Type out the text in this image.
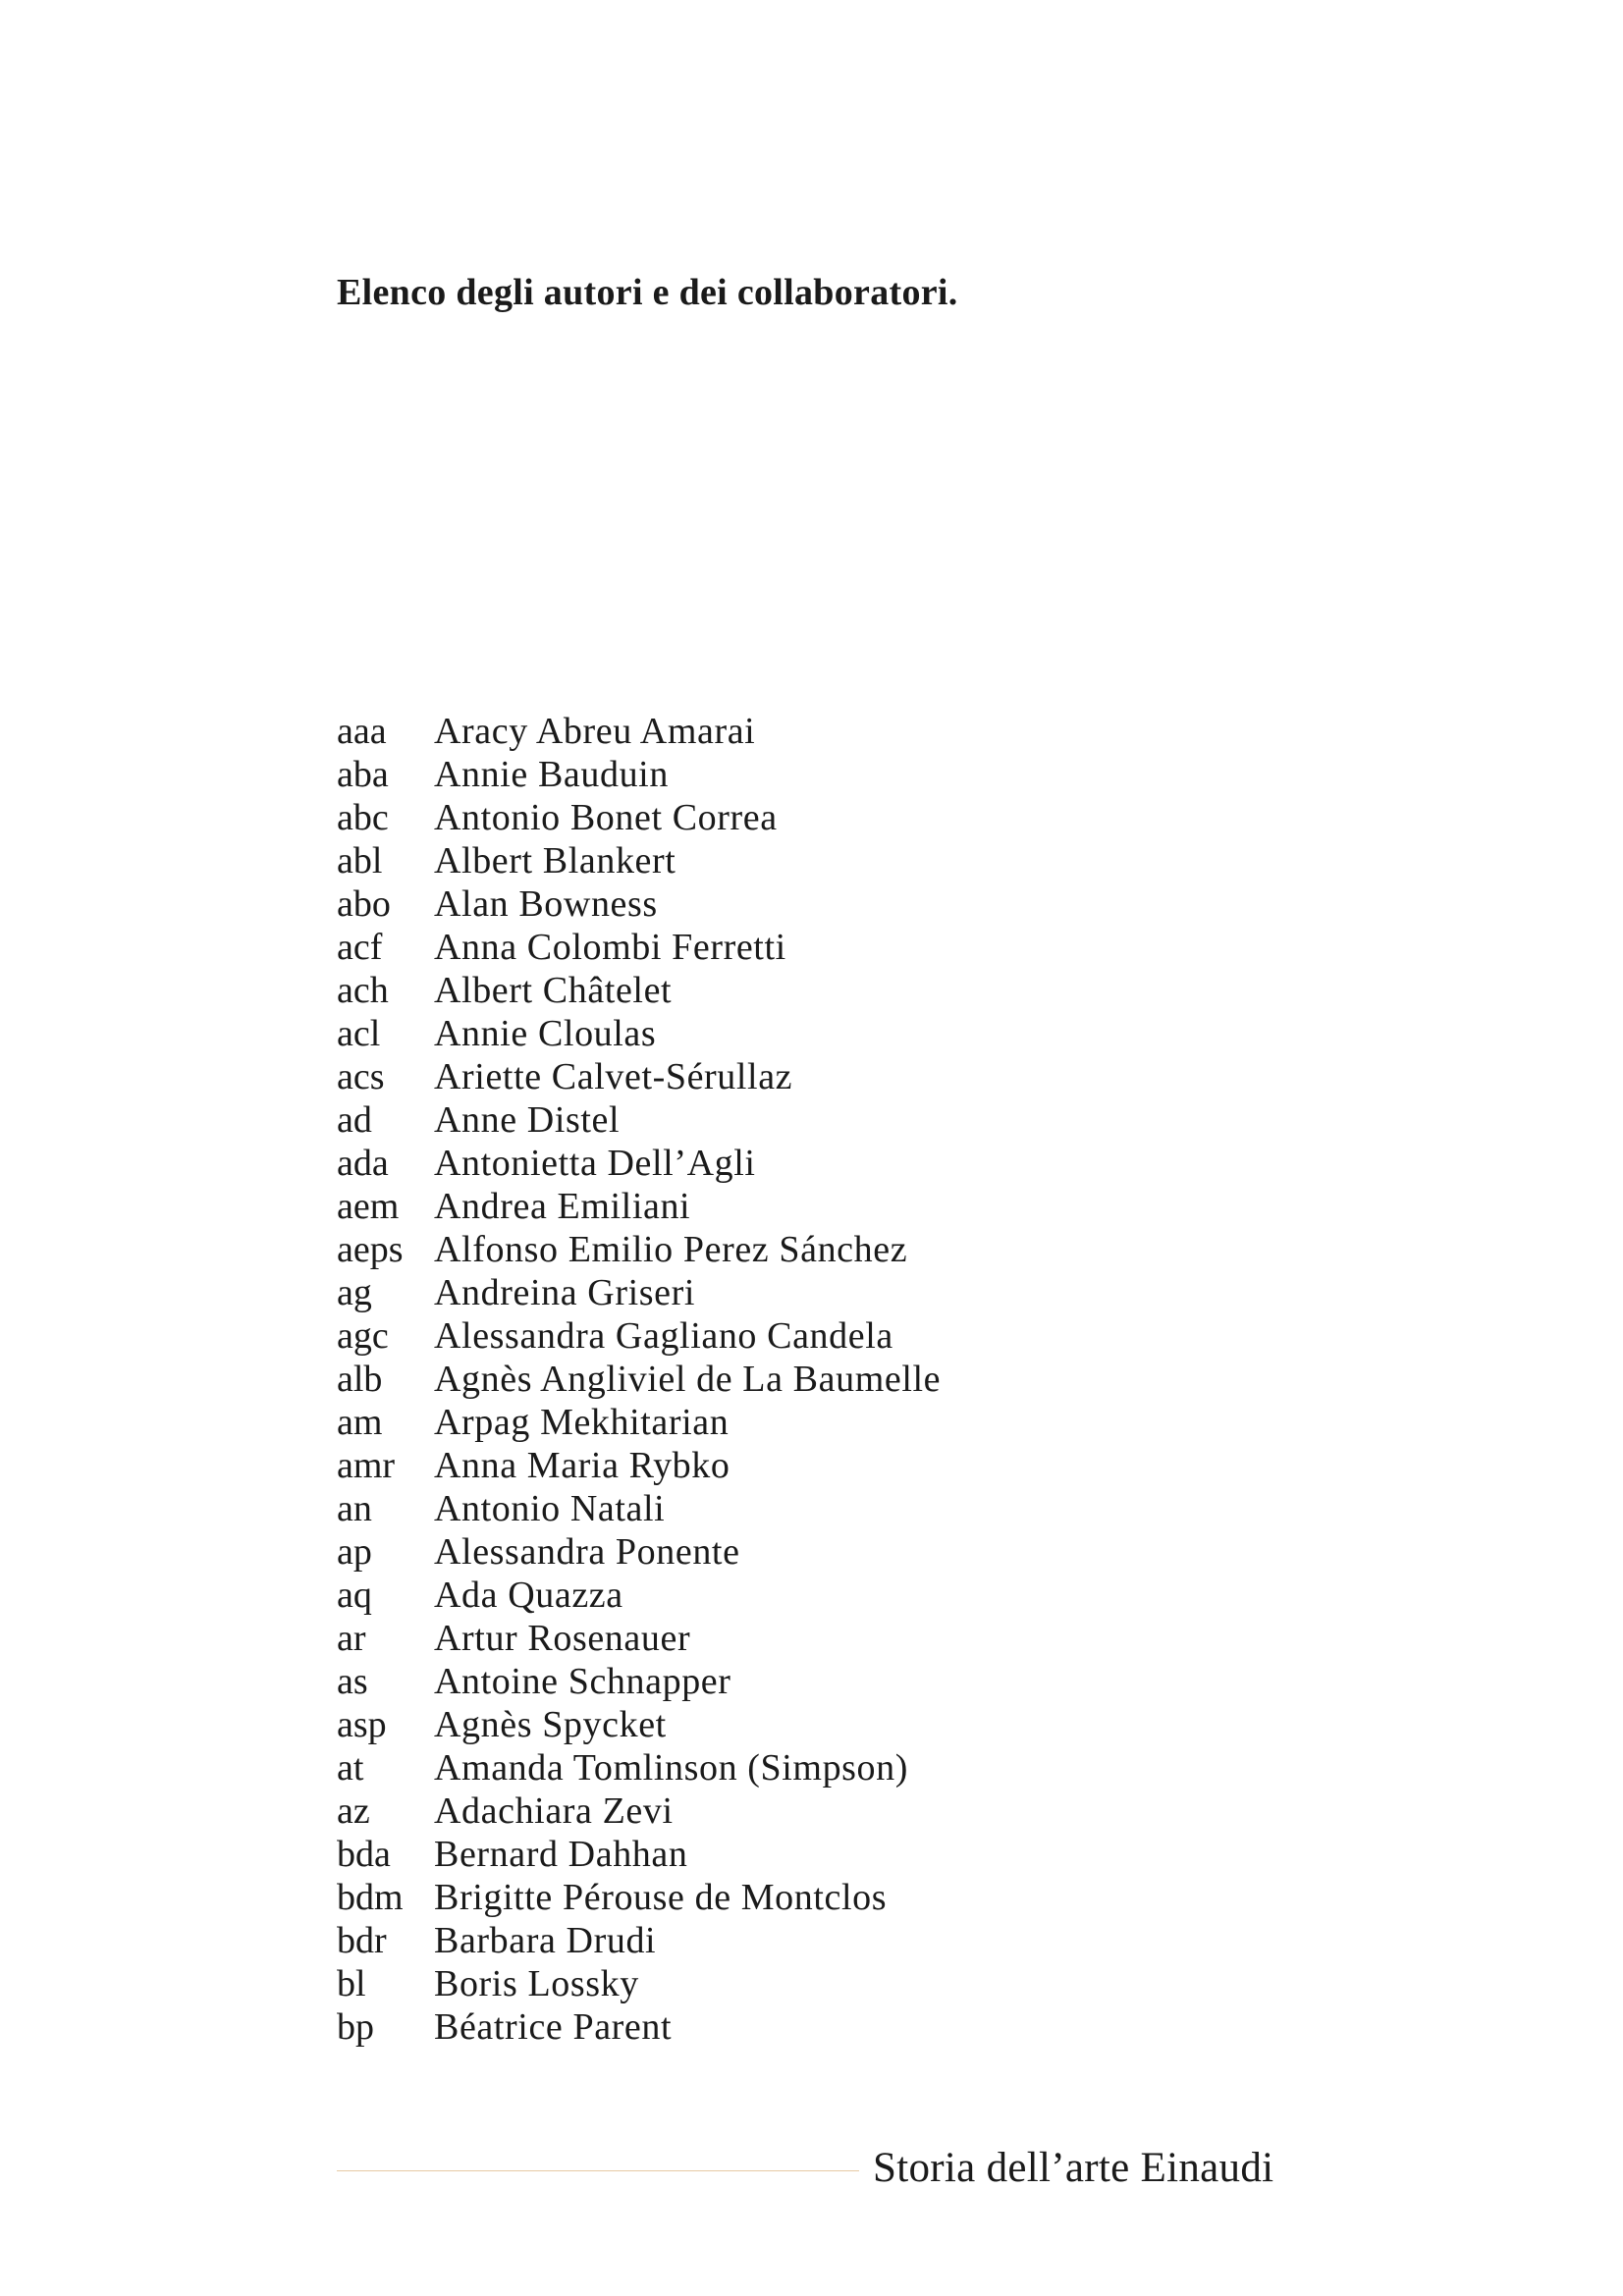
Elenco degli autori e dei collaboratori.
aaa	Aracy Abreu Amarai
aba	Annie Bauduin
abc	Antonio Bonet Correa
abl	Albert Blankert
abo	Alan Bowness
acf	Anna Colombi Ferretti
ach	Albert Châtelet
acl	Annie Cloulas
acs	Ariette Calvet-Sérullaz
ad	Anne Distel
ada	Antonietta Dell’Agli
aem Andrea Emiliani
aeps Alfonso Emilio Perez Sánchez
ag	Andreina Griseri
agc	Alessandra Gagliano Candela
alb	Agnès Angliviel de La Baumelle
am	Arpag Mekhitarian
amr	Anna Maria Rybko
an	Antonio Natali
ap	Alessandra Ponente
aq	Ada Quazza
ar	Artur Rosenauer
as	Antoine Schnapper
asp	Agnès Spycket
at	Amanda Tomlinson (Simpson)
az	Adachiara Zevi
bda	Bernard Dahhan
bdm Brigitte Pérouse de Montclos
bdr	Barbara Drudi
bl	Boris Lossky
bp	Béatrice Parent
Storia dell’arte Einaudi
